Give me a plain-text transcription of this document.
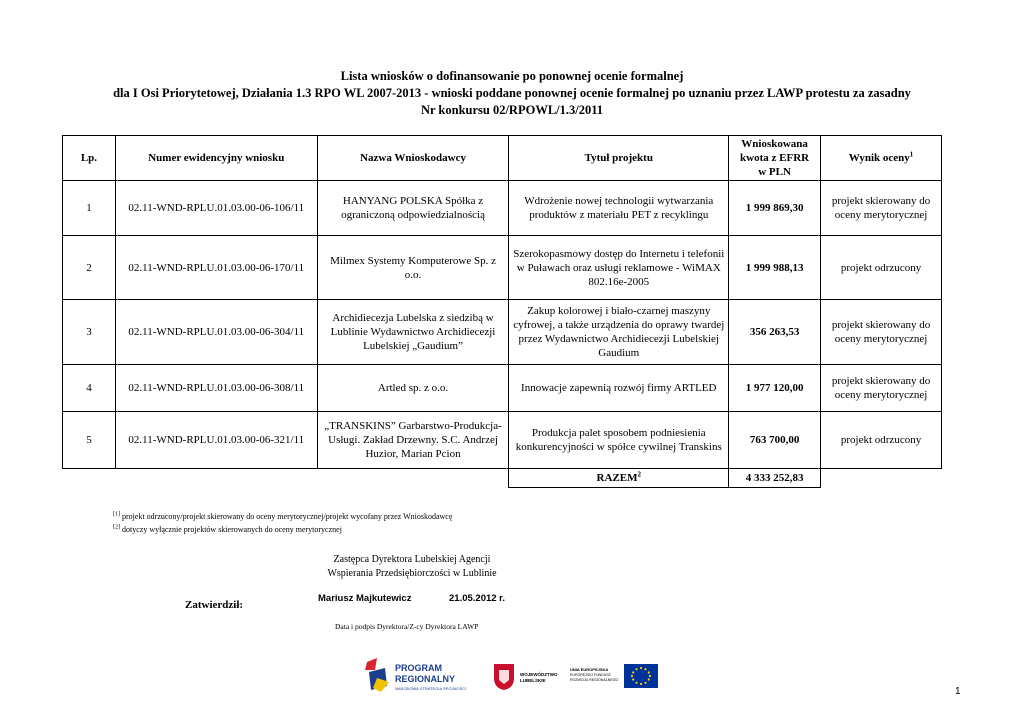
Lista wniosków o dofinansowanie po ponownej ocenie formalnej
dla I Osi Priorytetowej, Działania 1.3 RPO WL 2007-2013 - wnioski poddane ponownej ocenie formalnej po uznaniu przez LAWP protestu za zasadny
Nr konkursu 02/RPOWL/1.3/2011
Lp.	Numer ewidencyjny wniosku	Nazwa Wnioskodawcy	Tytuł projektu	Wnioskowana
kwota z EFRR
w PLN	Wynik oceny$^1$
1	02.11-WND-RPLU.01.03.00-06-106/11	HANYANG POLSKA Spółka z ograniczoną odpowiedzialnością	Wdrożenie nowej technologii wytwarzania produktów z materiału PET z recyklingu	1 999 869,30	projekt skierowany do oceny merytorycznej
2	02.11-WND-RPLU.01.03.00-06-170/11	Milmex Systemy Komputerowe Sp. z o.o.	Szerokopasmowy dostęp do Internetu i telefonii w Puławach oraz usługi reklamowe - WiMAX 802.16e-2005	1 999 988,13	projekt odrzucony
3	02.11-WND-RPLU.01.03.00-06-304/11	Archidiecezja Lubelska z siedzibą w Lublinie Wydawnictwo Archidiecezji Lubelskiej „Gaudium”	Zakup kolorowej i biało-czarnej maszyny cyfrowej, a także urządzenia do oprawy twardej przez Wydawnictwo Archidiecezji Lubelskiej Gaudium	356 263,53	projekt skierowany do oceny merytorycznej
4	02.11-WND-RPLU.01.03.00-06-308/11	Artled sp. z o.o.	Innowacje zapewnią rozwój firmy ARTLED	1 977 120,00	projekt skierowany do oceny merytorycznej
5	02.11-WND-RPLU.01.03.00-06-321/11	„TRANSKINS” Garbarstwo-Produkcja-Usługi. Zakład Drzewny. S.C. Andrzej Huzior, Marian Pcion	Produkcja palet sposobem podniesienia konkurencyjności w spółce cywilnej Transkins	763 700,00	projekt odrzucony
			RAZEM$^2$	4 333 252,83	
[1] projekt odrzucony/projekt skierowany do oceny merytorycznej/projekt wycofany przez Wnioskodawcę
[2] dotyczy wyłącznie projektów skierowanych do oceny merytorycznej
Zastępca Dyrektora Lubelskiej Agencji
Wspierania Przedsiębiorczości w Lublinie
Zatwierdził:
Mariusz Majkutewicz	21.05.2012 r.
Data i podpis Dyrektora/Z-cy Dyrektora LAWP
PROGRAM
REGIONALNY
NARODOWA STRATEGIA SPÓJNOŚCI
WOJEWÓDZTWO
LUBELSKIE
UNIA EUROPEJSKA
EUROPEJSKI FUNDUSZ
ROZWOJU REGIONALNEGO
1
